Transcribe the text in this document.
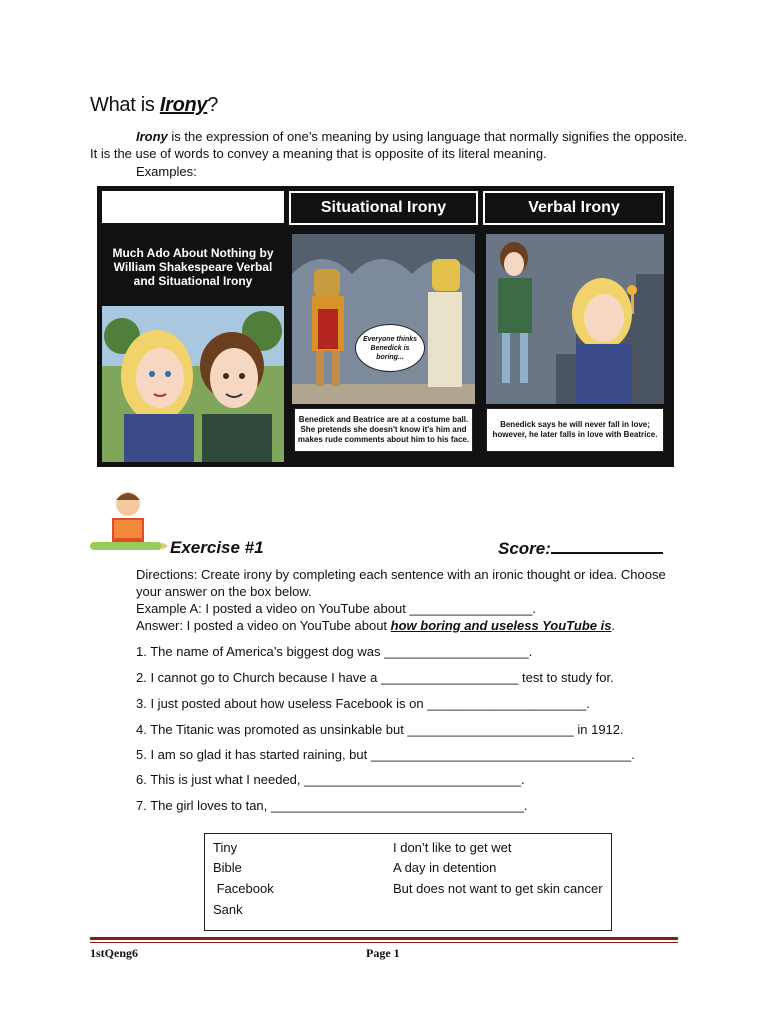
What is Irony?
Irony is the expression of one’s meaning by using language that normally signifies the opposite. It is the use of words to convey a meaning that is opposite of its literal meaning.
Examples:
Much Ado About Nothing by William Shakespeare Verbal and Situational Irony
Situational Irony
Everyone thinks Benedick is boring...
Benedick and Beatrice are at a costume ball. She pretends she doesn't know it's him and makes rude comments about him to his face.
Verbal Irony
Benedick says he will never fall in love; however, he later falls in love with Beatrice.
Exercise #1	Score:
Directions: Create irony by completing each sentence with an ironic thought or idea. Choose your answer on the box below.
Example A: I posted a video on YouTube about _________________.
Answer: I posted a video on YouTube about how boring and useless YouTube is.
1. The name of America’s biggest dog was ____________________.
2. I cannot go to Church because I have a ___________________ test to study for.
3. I just posted about how useless Facebook is on ______________________.
4. The Titanic was promoted as unsinkable but _______________________ in 1912.
5. I am so glad it has started raining, but ____________________________________.
6. This is just what I needed, ______________________________.
7. The girl loves to tan, ___________________________________.
Tiny
Bible
Facebook
Sank
I don’t like to get wet
A day in detention
But does not want to get skin cancer
1stQeng6	Page 1
